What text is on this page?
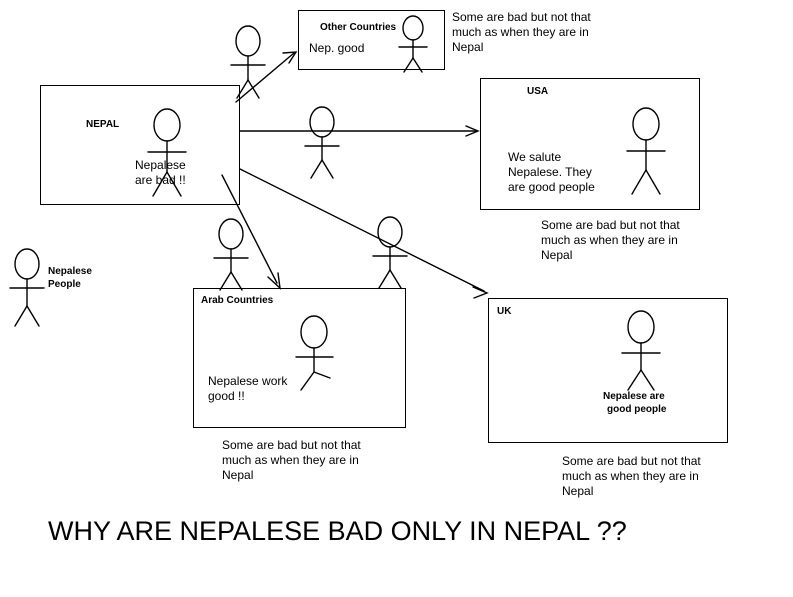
NEPAL
Other Countries
USA
Arab Countries
UK
Nepalese
are bad !!
Nep. good
We salute
Nepalese. They
are good people
Nepalese work
good !!	Nepalese are
good people
Some are bad but not that
much as when they are in
Nepal
Some are bad but not that
much as when they are in
Nepal
Some are bad but not that
much as when they are in
Nepal
Some are bad but not that
much as when they are in
Nepal
Nepalese
People
WHY ARE NEPALESE BAD ONLY IN NEPAL ??
